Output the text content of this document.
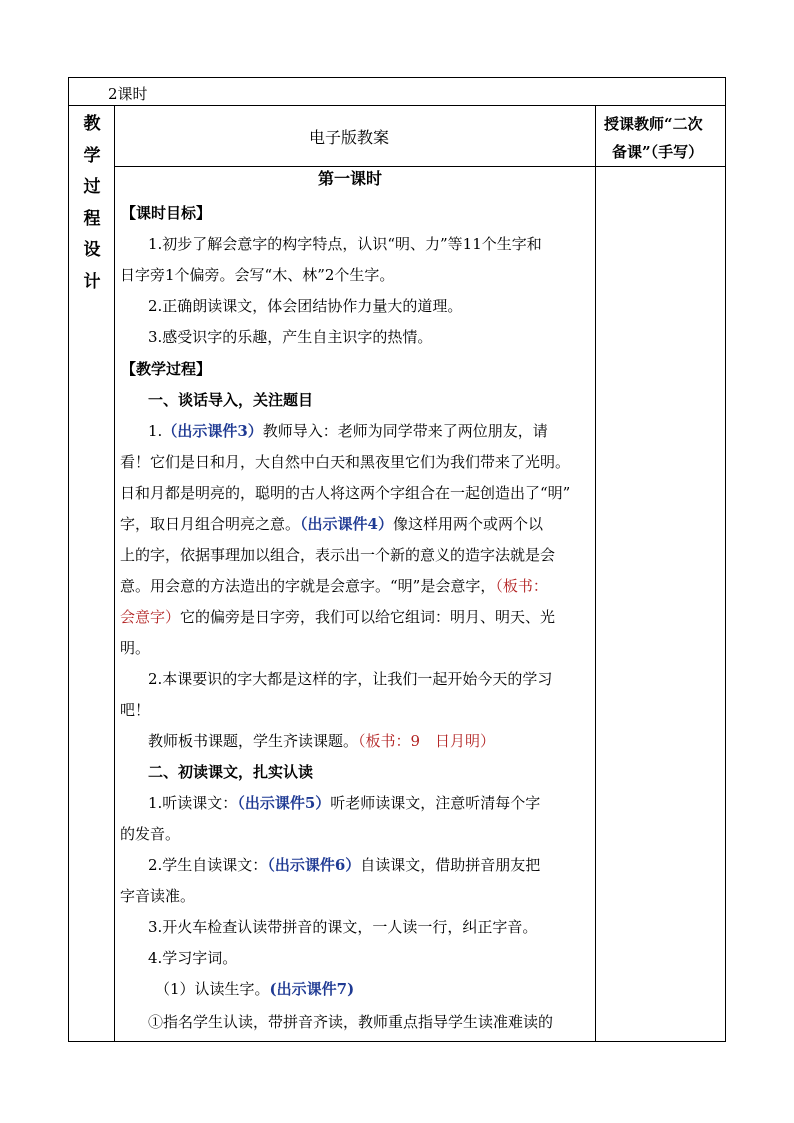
2课时
教
学
过
程
设
计
电子版教案
授课教师“二次
备课”（手写）
第一课时
【课时目标】
1.初步了解会意字的构字特点，认识“明、力”等11个生字和
日字旁1个偏旁。会写“木、林”2个生字。
2.正确朗读课文，体会团结协作力量大的道理。
3.感受识字的乐趣，产生自主识字的热情。
【教学过程】
一、谈话导入，关注题目
1.（出示课件3）教师导入：老师为同学带来了两位朋友，请
看！它们是日和月，大自然中白天和黑夜里它们为我们带来了光明。
日和月都是明亮的，聪明的古人将这两个字组合在一起创造出了“明”
字，取日月组合明亮之意。（出示课件4）像这样用两个或两个以
上的字，依据事理加以组合，表示出一个新的意义的造字法就是会
意。用会意的方法造出的字就是会意字。“明”是会意字，（板书：
会意字）它的偏旁是日字旁，我们可以给它组词：明月、明天、光
明。
2.本课要识的字大都是这样的字，让我们一起开始今天的学习
吧！
教师板书课题，学生齐读课题。（板书：9　日月明）
二、初读课文，扎实认读
1.听读课文：（出示课件5）听老师读课文，注意听清每个字
的发音。
2.学生自读课文：（出示课件6）自读课文，借助拼音朋友把
字音读准。
3.开火车检查认读带拼音的课文，一人读一行，纠正字音。
4.学习字词。
（1）认读生字。(出示课件7)
①指名学生认读，带拼音齐读，教师重点指导学生读准难读的
